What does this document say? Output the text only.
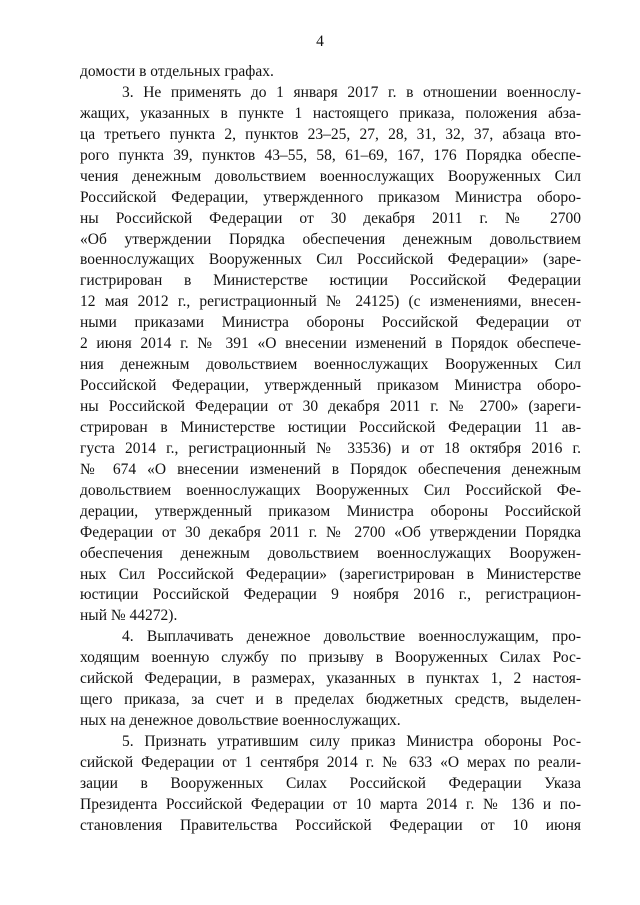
4
домости в отдельных графах.
3. Не применять до 1 января 2017 г. в отношении военнослу-
жащих, указанных в пункте 1 настоящего приказа, положения абза-
ца третьего пункта 2, пунктов 23–25, 27, 28, 31, 32, 37, абзаца вто-
рого пункта 39, пунктов 43–55, 58, 61–69, 167, 176 Порядка обеспе-
чения денежным довольствием военнослужащих Вооруженных Сил
Российской Федерации, утвержденного приказом Министра оборо-
ны Российской Федерации от 30 декабря 2011 г. № 2700
«Об утверждении Порядка обеспечения денежным довольствием
военнослужащих Вооруженных Сил Российской Федерации» (заре-
гистрирован в Министерстве юстиции Российской Федерации
12 мая 2012 г., регистрационный № 24125) (с изменениями, внесен-
ными приказами Министра обороны Российской Федерации от
2 июня 2014 г. № 391 «О внесении изменений в Порядок обеспече-
ния денежным довольствием военнослужащих Вооруженных Сил
Российской Федерации, утвержденный приказом Министра оборо-
ны Российской Федерации от 30 декабря 2011 г. № 2700» (зареги-
стрирован в Министерстве юстиции Российской Федерации 11 ав-
густа 2014 г., регистрационный № 33536) и от 18 октября 2016 г.
№ 674 «О внесении изменений в Порядок обеспечения денежным
довольствием военнослужащих Вооруженных Сил Российской Фе-
дерации, утвержденный приказом Министра обороны Российской
Федерации от 30 декабря 2011 г. № 2700 «Об утверждении Порядка
обеспечения денежным довольствием военнослужащих Вооружен-
ных Сил Российской Федерации» (зарегистрирован в Министерстве
юстиции Российской Федерации 9 ноября 2016 г., регистрацион-
ный № 44272).
4. Выплачивать денежное довольствие военнослужащим, про-
ходящим военную службу по призыву в Вооруженных Силах Рос-
сийской Федерации, в размерах, указанных в пунктах 1, 2 настоя-
щего приказа, за счет и в пределах бюджетных средств, выделен-
ных на денежное довольствие военнослужащих.
5. Признать утратившим силу приказ Министра обороны Рос-
сийской Федерации от 1 сентября 2014 г. № 633 «О мерах по реали-
зации в Вооруженных Силах Российской Федерации Указа
Президента Российской Федерации от 10 марта 2014 г. № 136 и по-
становления Правительства Российской Федерации от 10 июня
